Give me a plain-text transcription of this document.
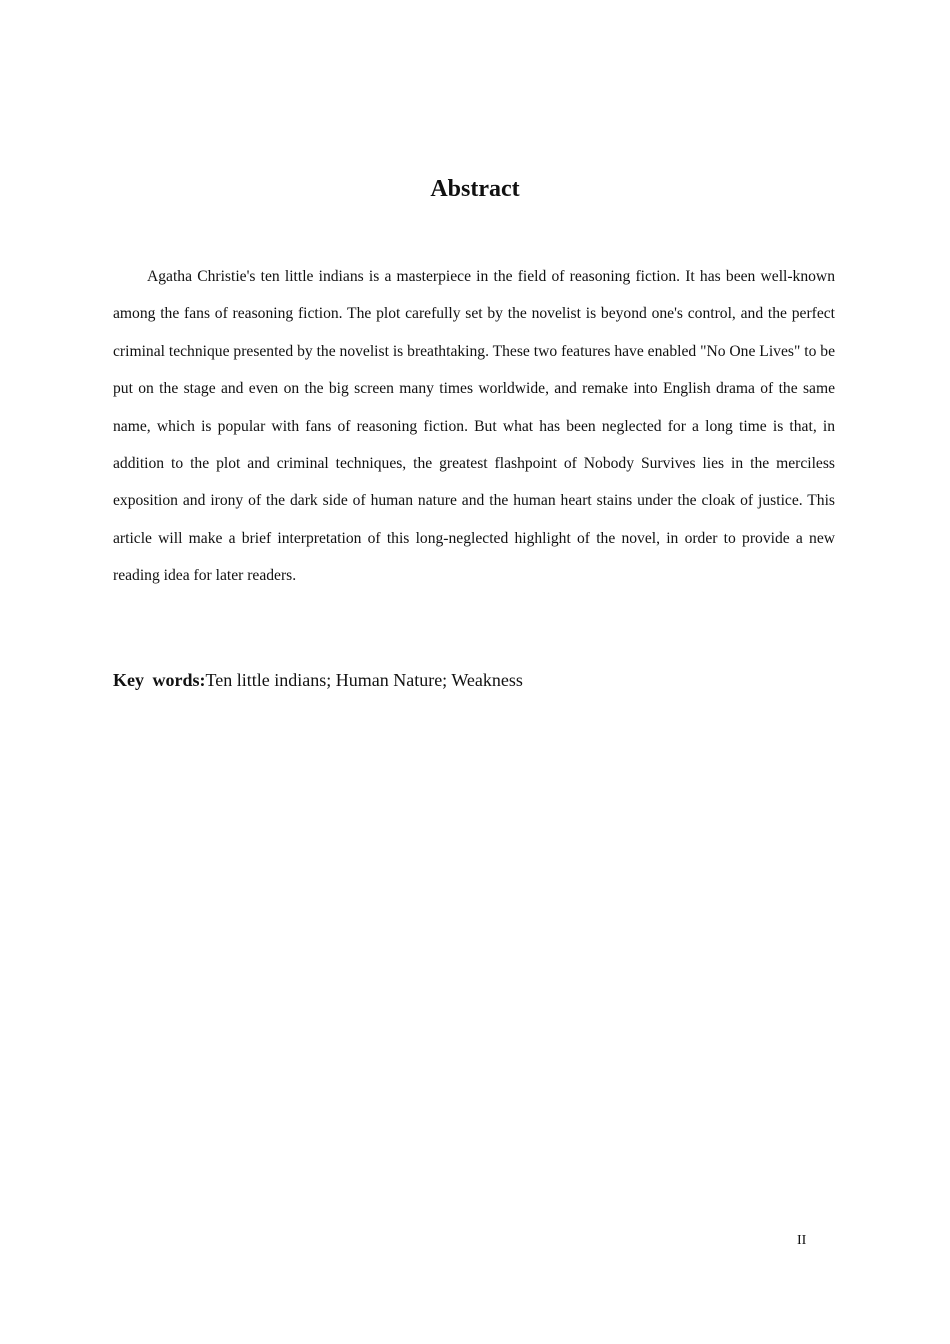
Abstract

Agatha Christie's ten little indians is a masterpiece in the field of reasoning fiction. It has been well-known among the fans of reasoning fiction. The plot carefully set by the novelist is beyond one's control, and the perfect criminal technique presented by the novelist is breathtaking. These two features have enabled "No One Lives" to be put on the stage and even on the big screen many times worldwide, and remake into English drama of the same name, which is popular with fans of reasoning fiction. But what has been neglected for a long time is that, in addition to the plot and criminal techniques, the greatest flashpoint of Nobody Survives lies in the merciless exposition and irony of the dark side of human nature and the human heart stains under the cloak of justice. This article will make a brief interpretation of this long-neglected highlight of the novel, in order to provide a new reading idea for later readers.

Key words:Ten little indians; Human Nature; Weakness
II
